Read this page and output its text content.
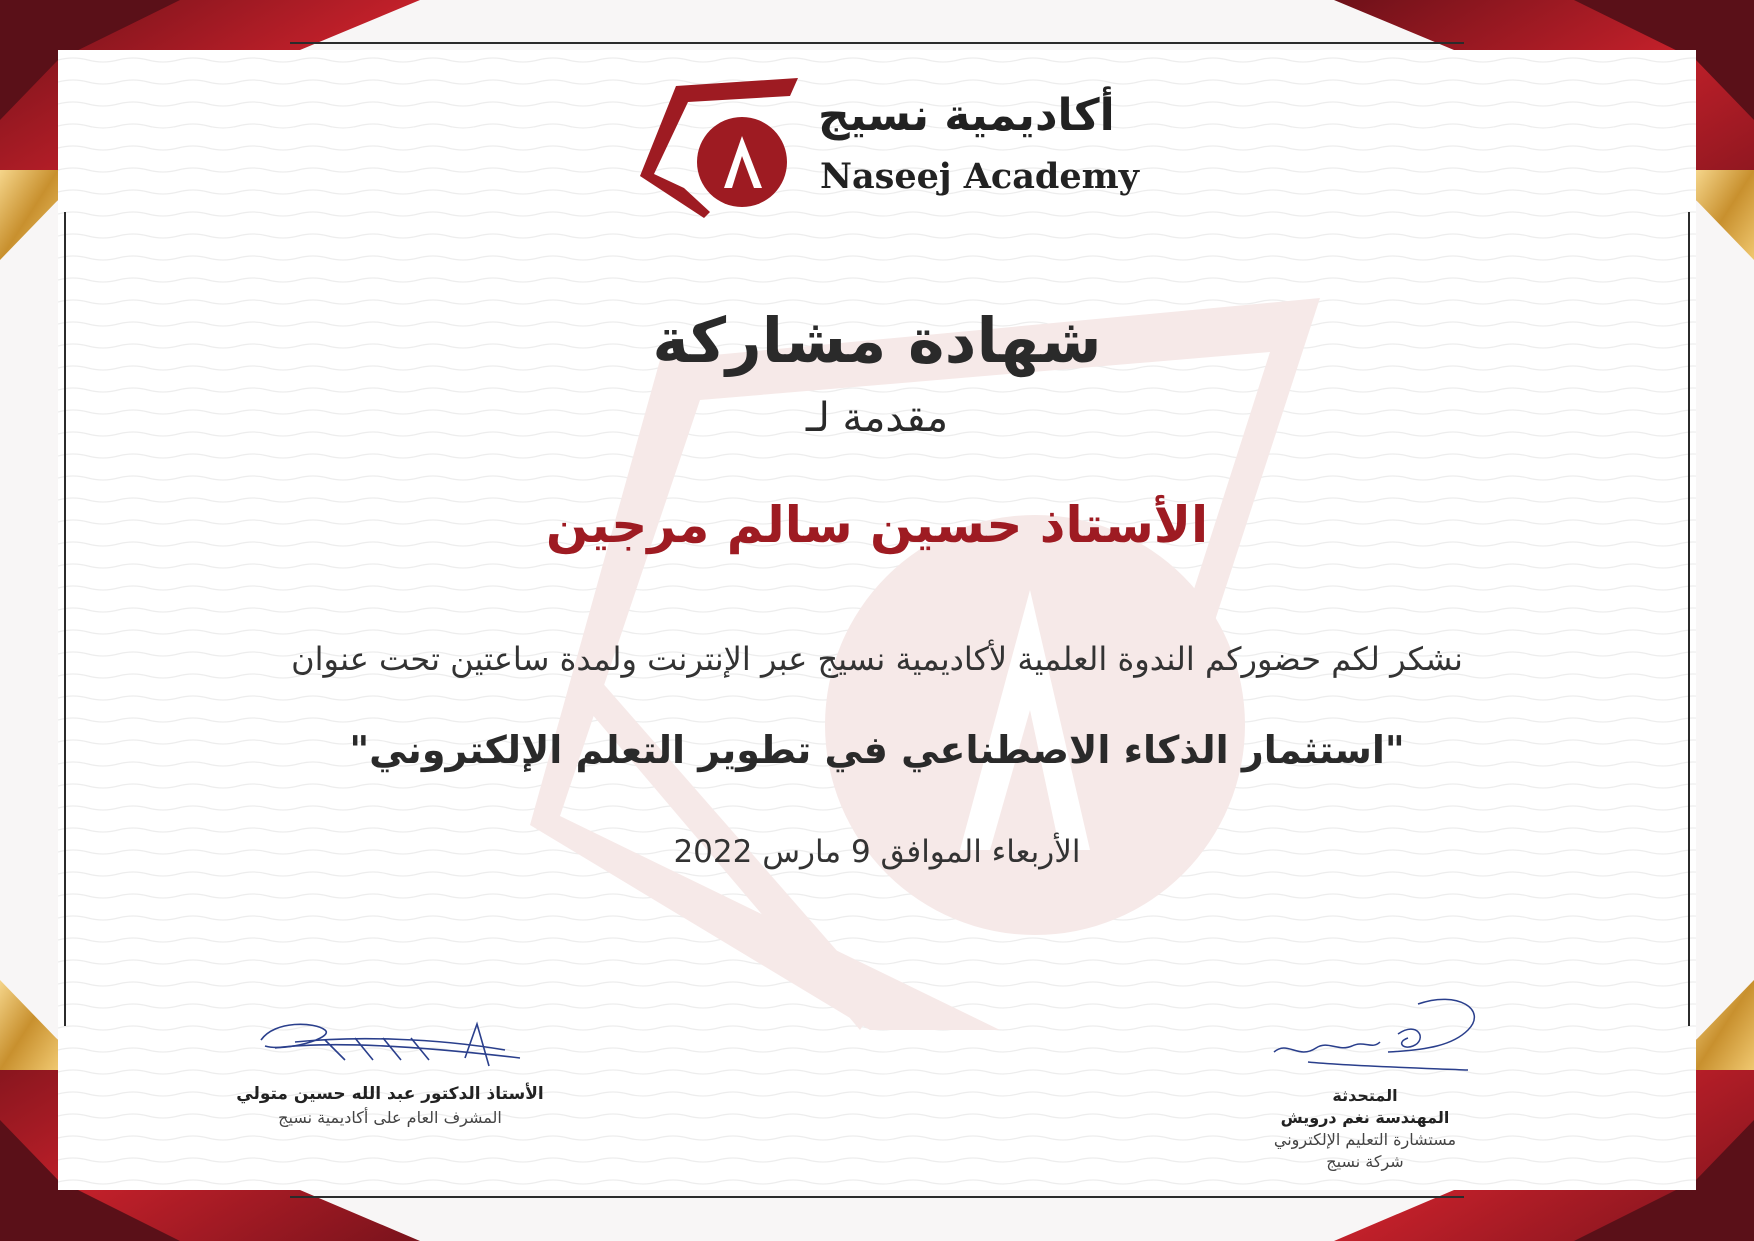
أكاديمية نسيج
Naseej Academy
شهادة مشاركة
مقدمة لـ
الأستاذ حسين سالم مرجين
نشكر لكم حضوركم الندوة العلمية لأكاديمية نسيج عبر الإنترنت ولمدة ساعتين تحت عنوان
"استثمار الذكاء الاصطناعي في تطوير التعلم الإلكتروني"
الأربعاء الموافق 9 مارس 2022
الأستاذ الدكتور عبد الله حسين متولي
المشرف العام على أكاديمية نسيج
المتحدثة
المهندسة نغم درويش
مستشارة التعليم الإلكتروني
شركة نسيج
